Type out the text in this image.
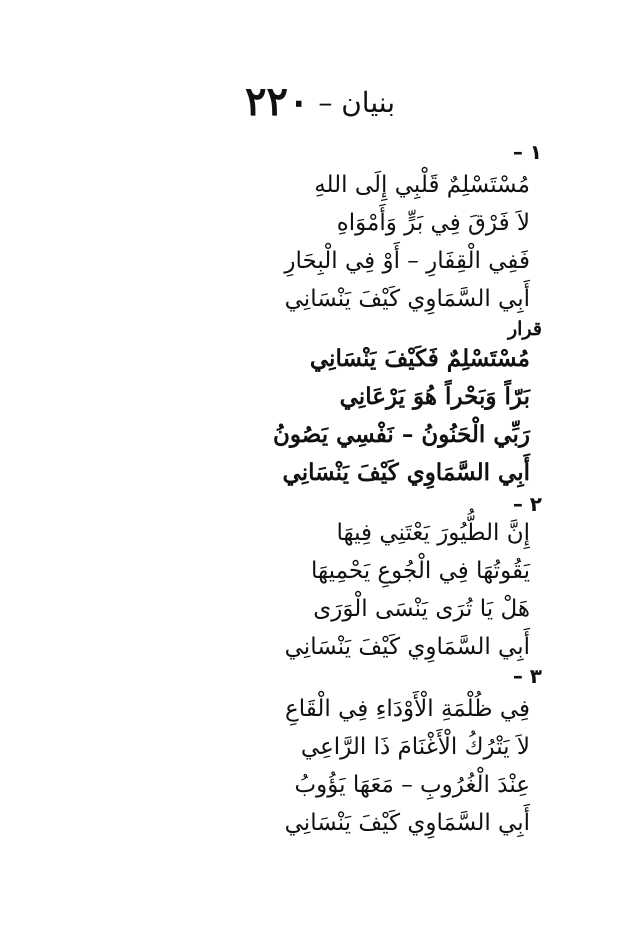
بنيان – ٢٢٠
١ –
مُسْتَسْلِمٌ قَلْبِي إِلَى اللهِ
لاَ فَرْقَ فِي بَرٍّ وَأَمْوَاهِ
فَفِي الْقِفَارِ – أَوْ فِي الْبِحَارِ
أَبِي السَّمَاوِي كَيْفَ يَنْسَانِي
قرار
مُسْتَسْلِمٌ فَكَيْفَ يَنْسَانِي
بَرّاً وَبَحْراً هُوَ يَرْعَانِي
رَبِّي الْحَنُونُ – نَفْسِي يَصُونُ
أَبِي السَّمَاوِي كَيْفَ يَنْسَانِي
٢ –
إِنَّ الطُّيُورَ يَعْتَنِي فِيهَا
يَقُوتُهَا فِي الْجُوعِ يَحْمِيهَا
هَلْ يَا تُرَى يَنْسَى الْوَرَى
أَبِي السَّمَاوِي كَيْفَ يَنْسَانِي
٣ –
فِي ظُلْمَةِ الْأَوْدَاءِ فِي الْقَاعِ
لاَ يَتْرُكُ الْأَغْنَامَ ذَا الرَّاعِي
عِنْدَ الْغُرُوبِ – مَعَهَا يَؤُوبُ
أَبِي السَّمَاوِي كَيْفَ يَنْسَانِي
